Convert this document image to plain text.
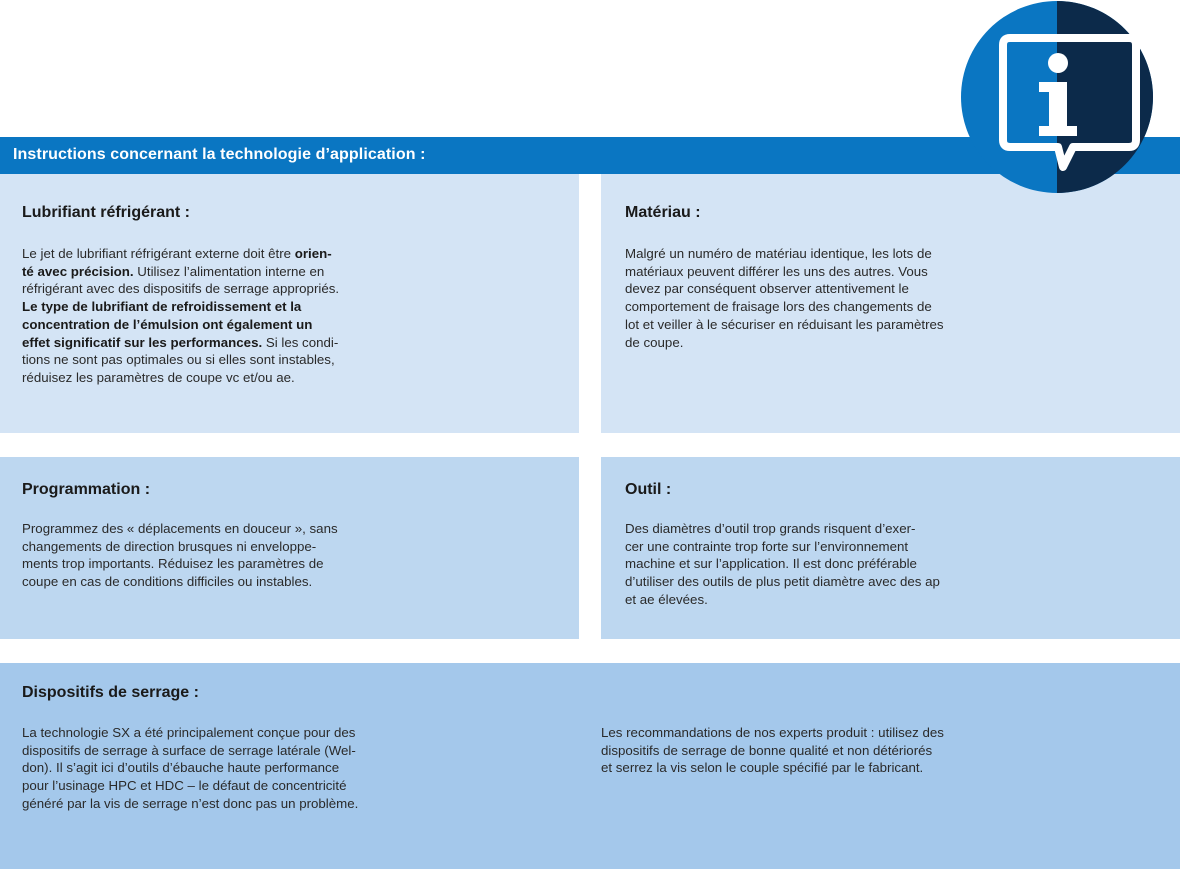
Instructions concernant la technologie d’application :
Lubrifiant réfrigérant :
Le jet de lubrifiant réfrigérant externe doit être orien-
té avec précision. Utilisez l’alimentation interne en
réfrigérant avec des dispositifs de serrage appropriés.
Le type de lubrifiant de refroidissement et la
concentration de l’émulsion ont également un
effet significatif sur les performances. Si les condi-
tions ne sont pas optimales ou si elles sont instables,
réduisez les paramètres de coupe vc et/ou ae.
Matériau :
Malgré un numéro de matériau identique, les lots de
matériaux peuvent différer les uns des autres. Vous
devez par conséquent observer attentivement le
comportement de fraisage lors des changements de
lot et veiller à le sécuriser en réduisant les paramètres
de coupe.
Programmation :
Programmez des « déplacements en douceur », sans
changements de direction brusques ni enveloppe-
ments trop importants. Réduisez les paramètres de
coupe en cas de conditions difficiles ou instables.
Outil :
Des diamètres d’outil trop grands risquent d’exer-
cer une contrainte trop forte sur l’environnement
machine et sur l’application. Il est donc préférable
d’utiliser des outils de plus petit diamètre avec des ap
et ae élevées.
Dispositifs de serrage :
La technologie SX a été principalement conçue pour des
dispositifs de serrage à surface de serrage latérale (Wel-
don). Il s’agit ici d’outils d’ébauche haute performance
pour l’usinage HPC et HDC – le défaut de concentricité
généré par la vis de serrage n’est donc pas un problème.
Les recommandations de nos experts produit : utilisez des
dispositifs de serrage de bonne qualité et non détériorés
et serrez la vis selon le couple spécifié par le fabricant.
